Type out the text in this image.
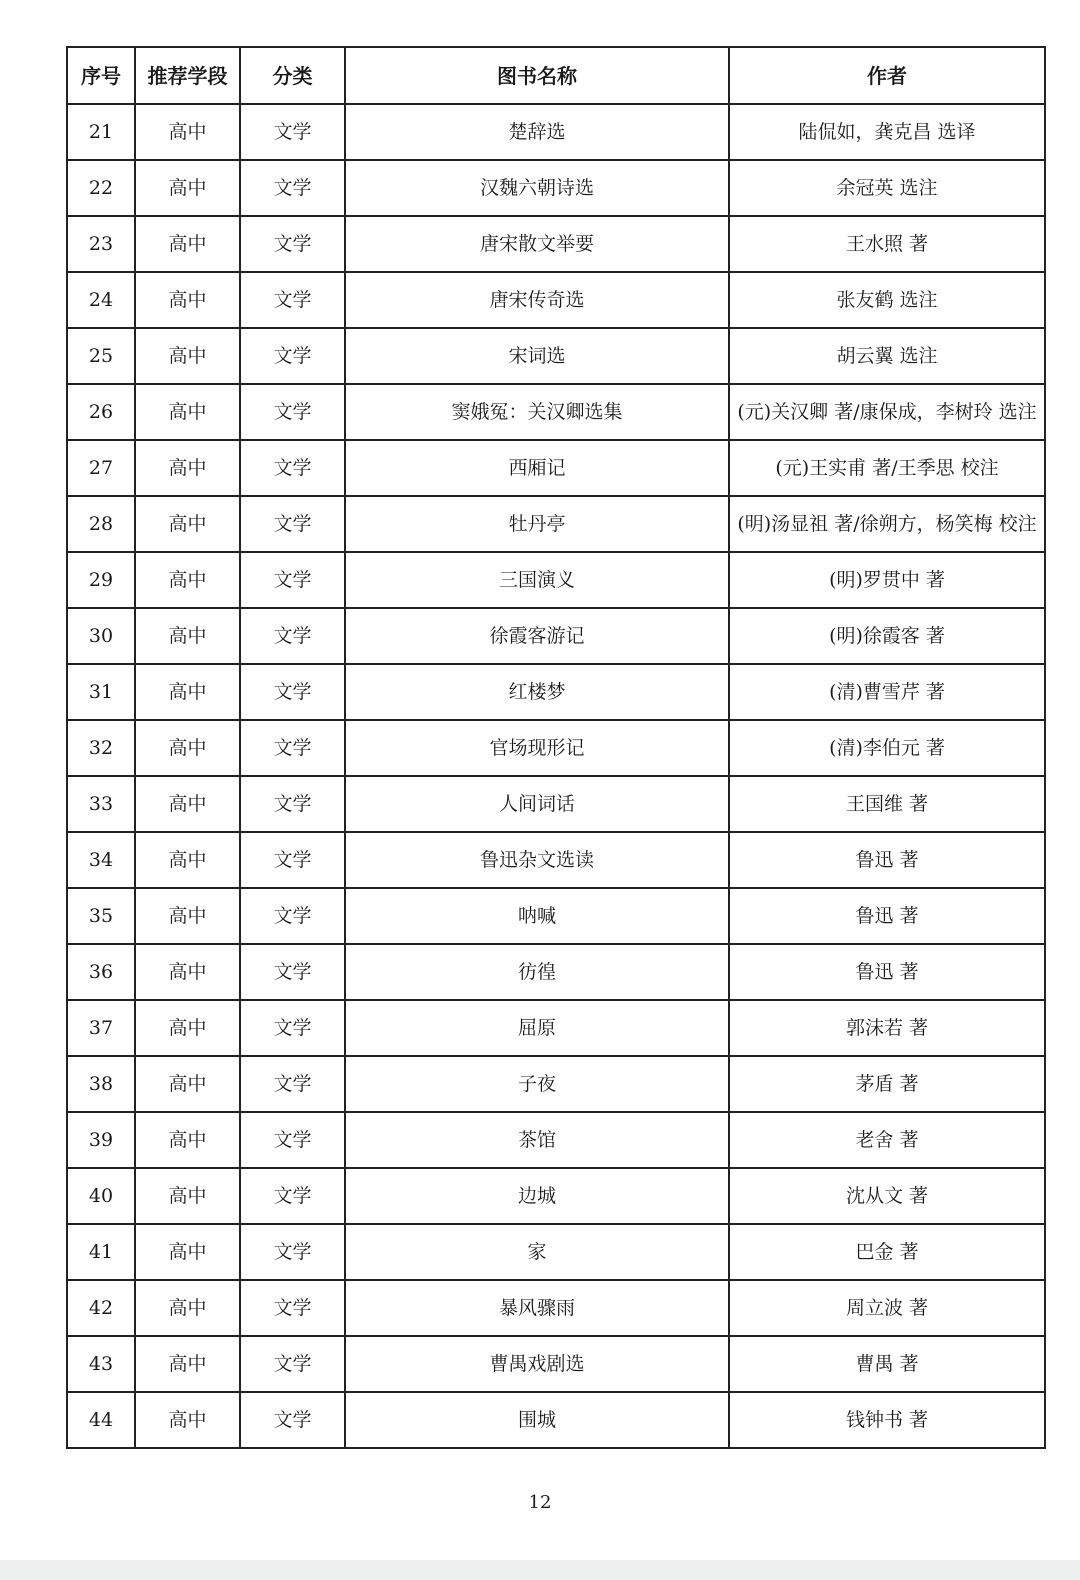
序号	推荐学段	分类	图书名称	作者
21	高中	文学	楚辞选	陆侃如，龚克昌 选译
22	高中	文学	汉魏六朝诗选	余冠英 选注
23	高中	文学	唐宋散文举要	王水照 著
24	高中	文学	唐宋传奇选	张友鹤 选注
25	高中	文学	宋词选	胡云翼 选注
26	高中	文学	窦娥冤：关汉卿选集	(元)关汉卿 著/康保成，李树玲 选注
27	高中	文学	西厢记	(元)王实甫 著/王季思 校注
28	高中	文学	牡丹亭	(明)汤显祖 著/徐朔方，杨笑梅 校注
29	高中	文学	三国演义	(明)罗贯中 著
30	高中	文学	徐霞客游记	(明)徐霞客 著
31	高中	文学	红楼梦	(清)曹雪芹 著
32	高中	文学	官场现形记	(清)李伯元 著
33	高中	文学	人间词话	王国维 著
34	高中	文学	鲁迅杂文选读	鲁迅 著
35	高中	文学	呐喊	鲁迅 著
36	高中	文学	彷徨	鲁迅 著
37	高中	文学	屈原	郭沫若 著
38	高中	文学	子夜	茅盾 著
39	高中	文学	茶馆	老舍 著
40	高中	文学	边城	沈从文 著
41	高中	文学	家	巴金 著
42	高中	文学	暴风骤雨	周立波 著
43	高中	文学	曹禺戏剧选	曹禺 著
44	高中	文学	围城	钱钟书 著
12
